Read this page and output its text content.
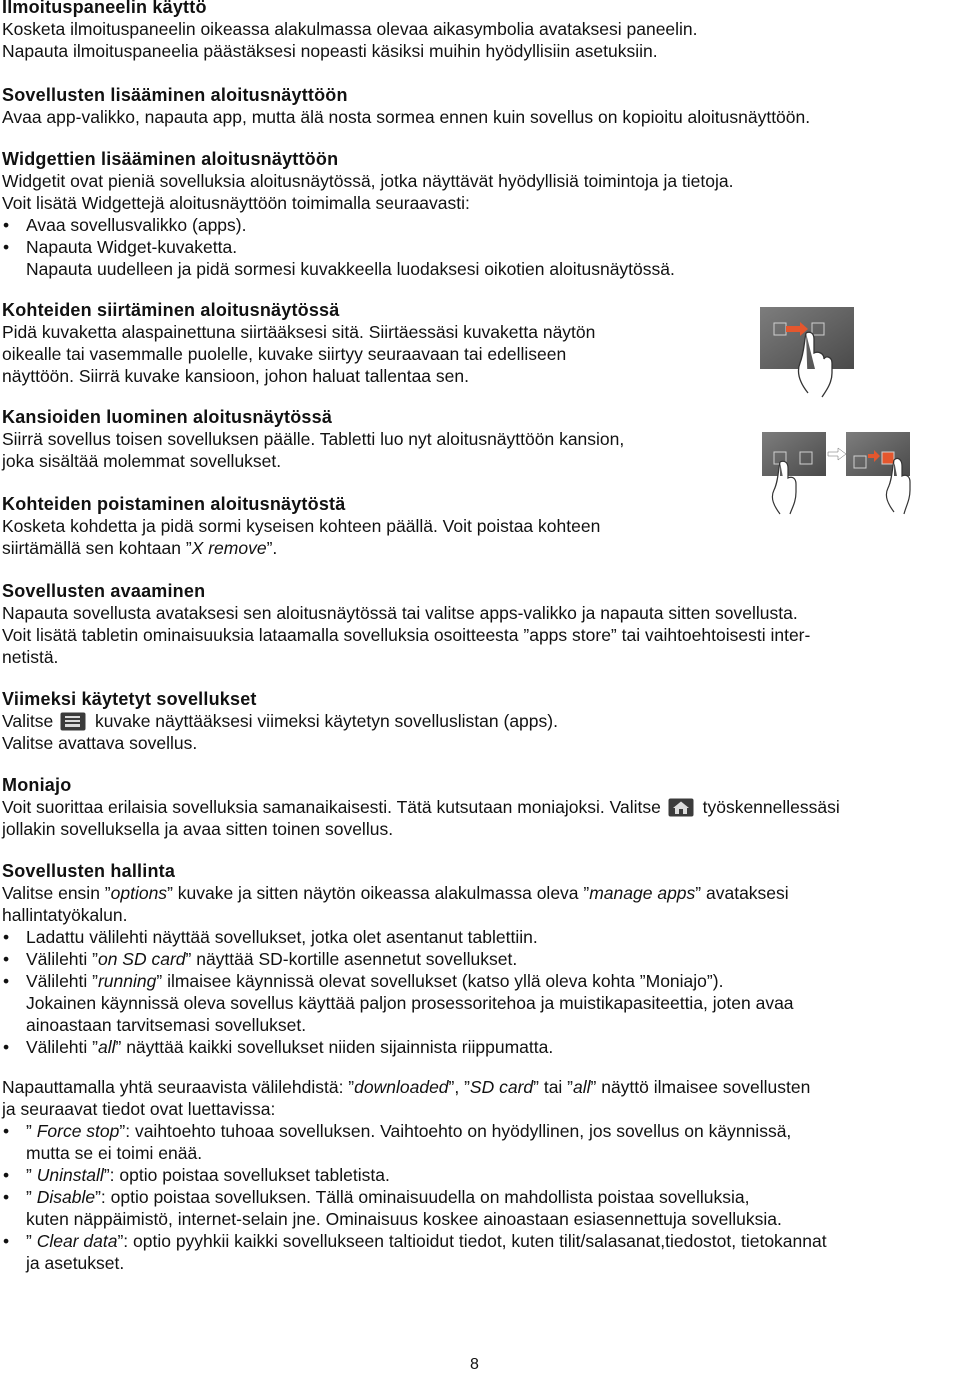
Ilmoituspaneelin käyttö
Kosketa ilmoituspaneelin oikeassa alakulmassa olevaa aikasymbolia avataksesi paneelin.
Napauta ilmoituspaneelia päästäksesi nopeasti käsiksi muihin hyödyllisiin asetuksiin.
Sovellusten lisääminen aloitusnäyttöön
Avaa app-valikko, napauta app, mutta älä nosta sormea ennen kuin sovellus on kopioitu aloitusnäyttöön.
Widgettien lisääminen aloitusnäyttöön
Widgetit ovat pieniä sovelluksia aloitusnäytössä, jotka näyttävät hyödyllisiä toimintoja ja tietoja.
Voit lisätä Widgettejä aloitusnäyttöön toimimalla seuraavasti:
• Avaa sovellusvalikko (apps).
• Napauta Widget-kuvaketta.
Napauta uudelleen ja pidä sormesi kuvakkeella luodaksesi oikotien aloitusnäytössä.
Kohteiden siirtäminen aloitusnäytössä
Pidä kuvaketta alaspainettuna siirtääksesi sitä. Siirtäessäsi kuvaketta näytön
oikealle tai vasemmalle puolelle, kuvake siirtyy seuraavaan tai edelliseen
näyttöön. Siirrä kuvake kansioon, johon haluat tallentaa sen.
Kansioiden luominen aloitusnäytössä
Siirrä sovellus toisen sovelluksen päälle. Tabletti luo nyt aloitusnäyttöön kansion,
joka sisältää molemmat sovellukset.
Kohteiden poistaminen aloitusnäytöstä
Kosketa kohdetta ja pidä sormi kyseisen kohteen päällä. Voit poistaa kohteen
siirtämällä sen kohtaan ”X remove”.
Sovellusten avaaminen
Napauta sovellusta avataksesi sen aloitusnäytössä tai valitse apps-valikko ja napauta sitten sovellusta.
Voit lisätä tabletin ominaisuuksia lataamalla sovelluksia osoitteesta ”apps store” tai vaihtoehtoisesti inter-
netistä.
Viimeksi käytetyt sovellukset
Valitse kuvake näyttääksesi viimeksi käytetyn sovelluslistan (apps).
Valitse avattava sovellus.
Moniajo
Voit suorittaa erilaisia sovelluksia samanaikaisesti. Tätä kutsutaan moniajoksi. Valitse työskennellessäsi
jollakin sovelluksella ja avaa sitten toinen sovellus.
Sovellusten hallinta
Valitse ensin ”options” kuvake ja sitten näytön oikeassa alakulmassa oleva ”manage apps” avataksesi
hallintatyökalun.
• Ladattu välilehti näyttää sovellukset, jotka olet asentanut tablettiin.
• Välilehti ”on SD card” näyttää SD-kortille asennetut sovellukset.
• Välilehti ”running” ilmaisee käynnissä olevat sovellukset (katso yllä oleva kohta ”Moniajo”).
Jokainen käynnissä oleva sovellus käyttää paljon prosessoritehoa ja muistikapasiteettia, joten avaa
ainoastaan tarvitsemasi sovellukset.
• Välilehti ”all” näyttää kaikki sovellukset niiden sijainnista riippumatta.
Napauttamalla yhtä seuraavista välilehdistä: ”downloaded”, ”SD card” tai ”all” näyttö ilmaisee sovellusten
ja seuraavat tiedot ovat luettavissa:
• ” Force stop”: vaihtoehto tuhoaa sovelluksen. Vaihtoehto on hyödyllinen, jos sovellus on käynnissä,
mutta se ei toimi enää.
• ” Uninstall”: optio poistaa sovellukset tabletista.
• ” Disable”: optio poistaa sovelluksen. Tällä ominaisuudella on mahdollista poistaa sovelluksia,
kuten näppäimistö, internet-selain jne. Ominaisuus koskee ainoastaan esiasennettuja sovelluksia.
• ” Clear data”: optio pyyhkii kaikki sovellukseen taltioidut tiedot, kuten tilit/salasanat,tiedostot, tietokannat
ja asetukset.
8
